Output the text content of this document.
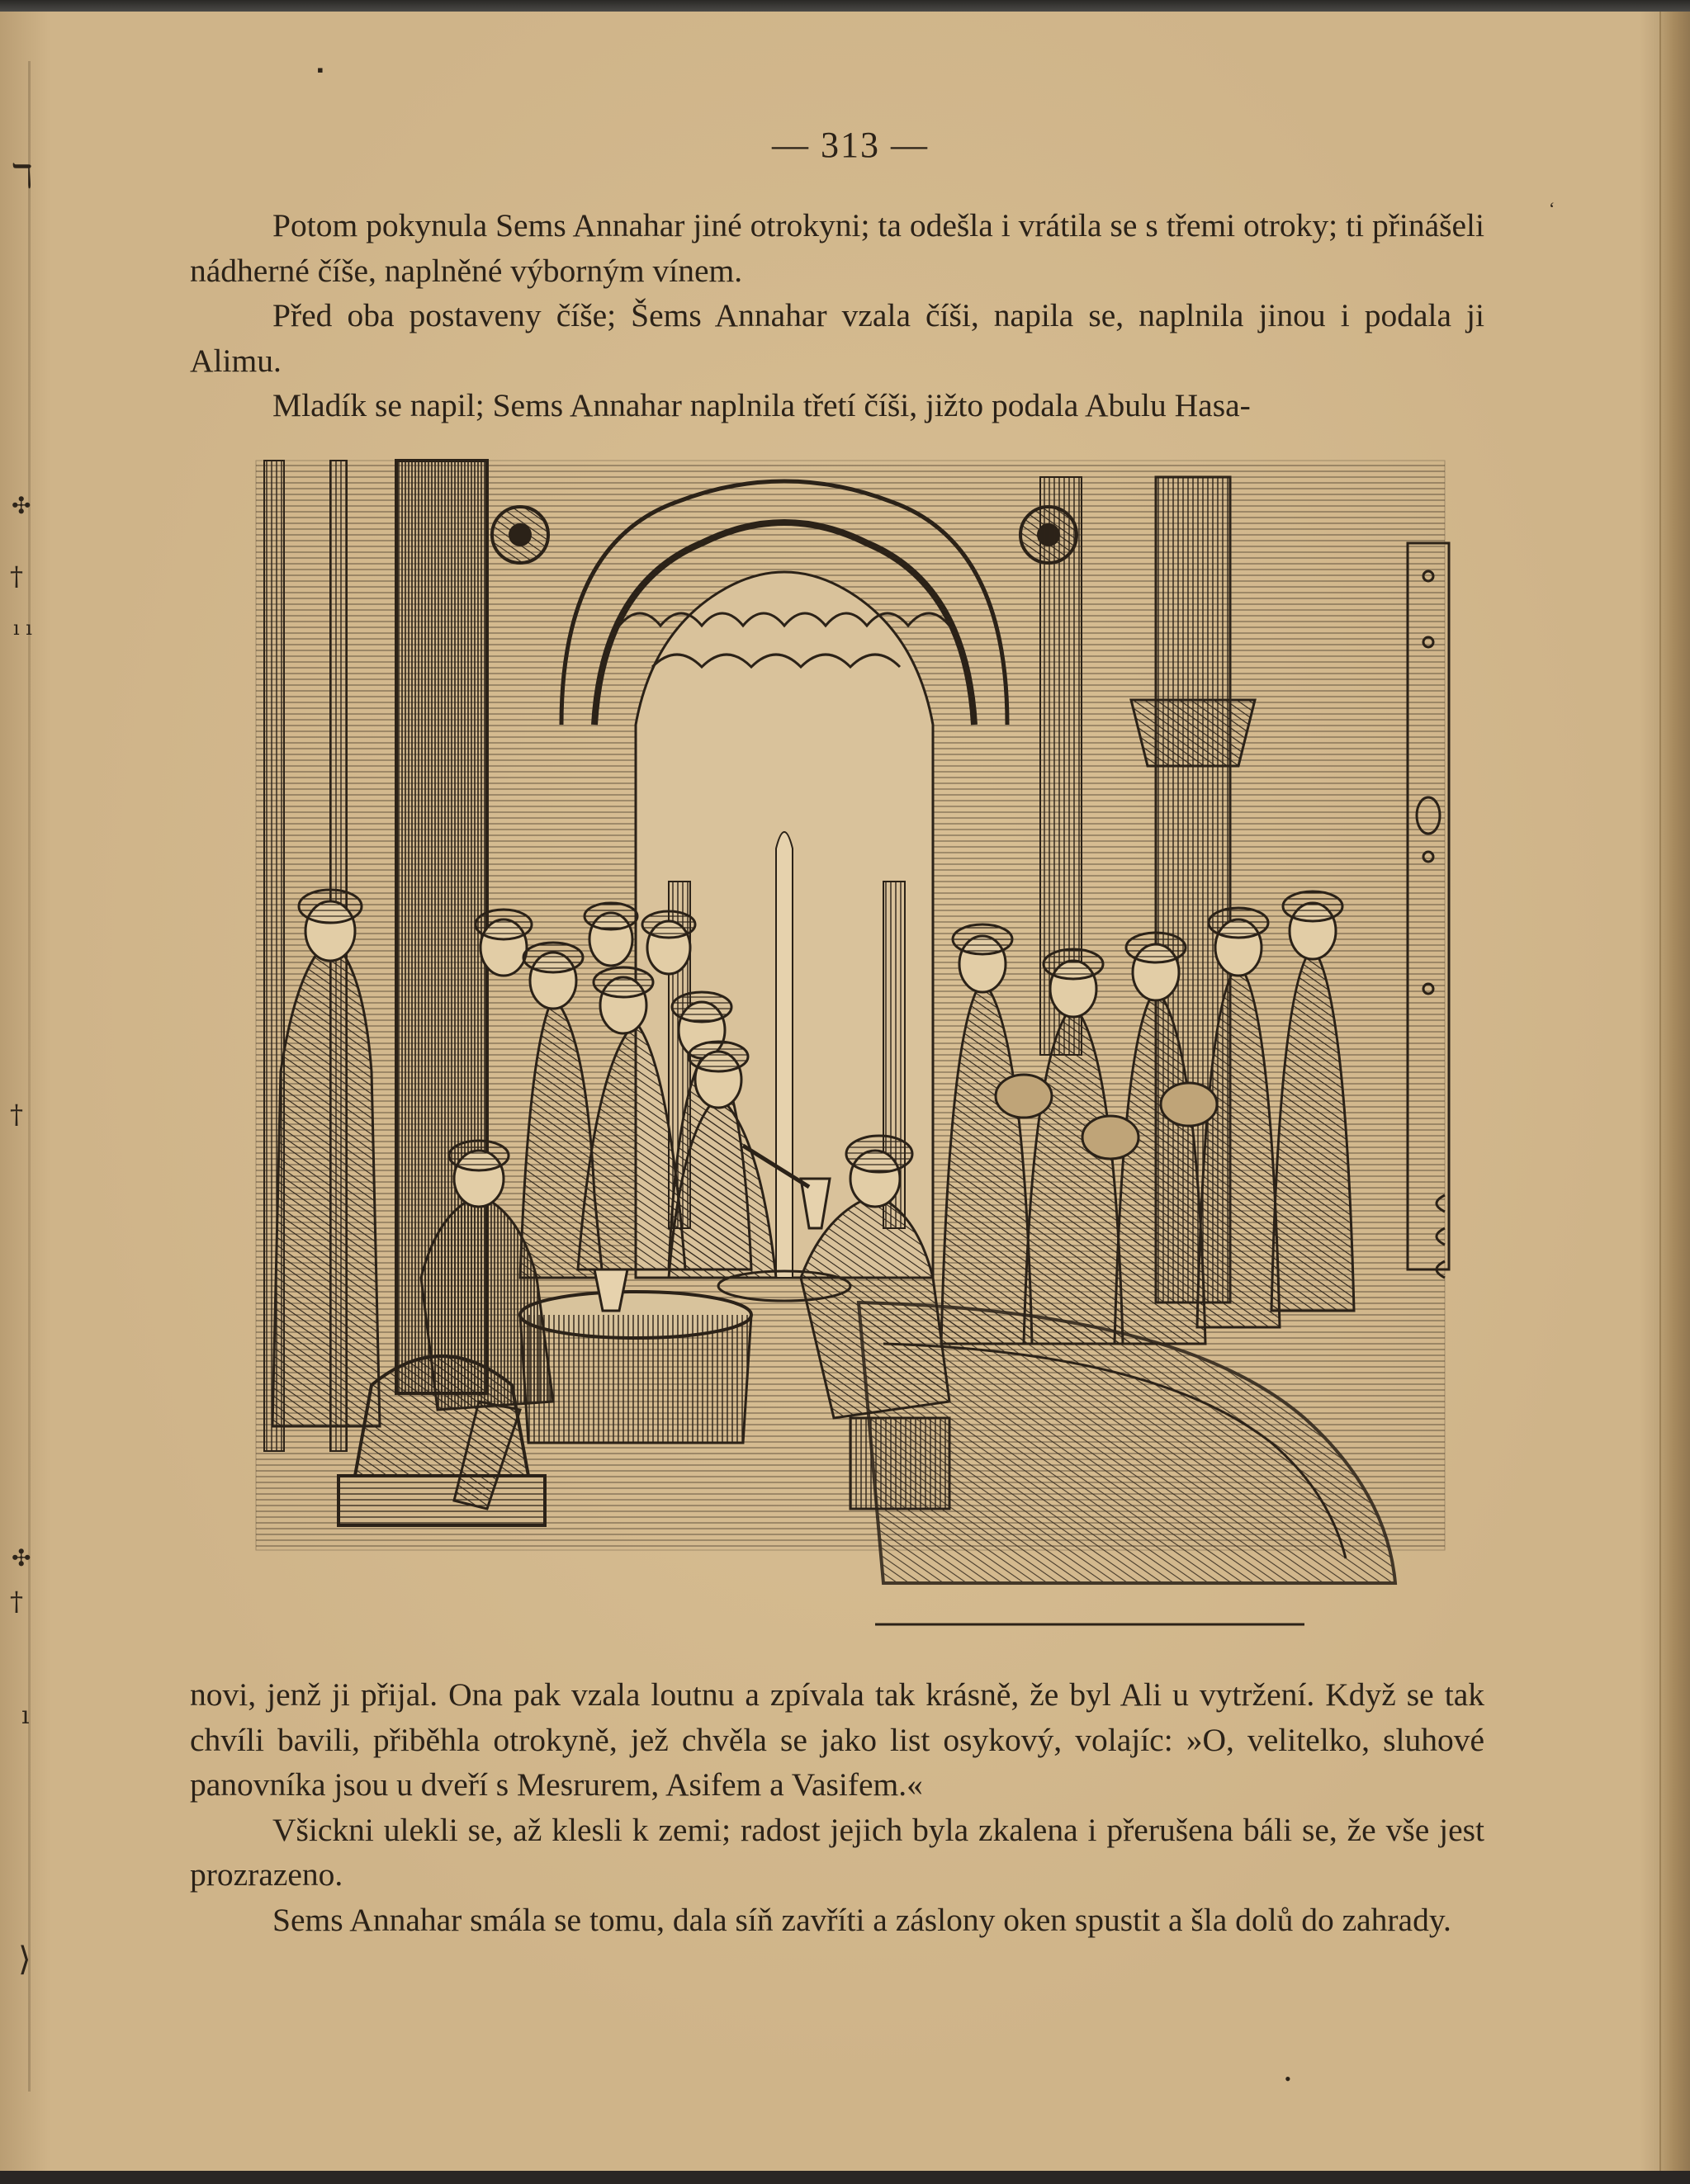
ℸ
✣
†
ı ı
†
✣
†
ı
⟩
▪
ʻ
•
— 313 —

Potom pokynula Sems Annahar jiné otrokyni; ta odešla i vrátila se s třemi otroky; ti přinášeli nádherné číše, naplněné výborným vínem.

Před oba postaveny číše; Šems Annahar vzala číši, napila se, naplnila jinou i podala ji Alimu.

Mladík se napil; Sems Annahar naplnila třetí číši, jižto podala Abulu Hasa-

novi, jenž ji přijal. Ona pak vzala loutnu a zpívala tak krásně, že byl Ali u vytržení. Když se tak chvíli bavili, přiběhla otrokyně, jež chvěla se jako list osykový, volajíc: »O, velitelko, sluhové panovníka jsou u dveří s Mesrurem, Asifem a Vasifem.«

Všickni ulekli se, až klesli k zemi; radost jejich byla zkalena i přerušena báli se, že vše jest prozrazeno.

Sems Annahar smála se tomu, dala síň zavříti a záslony oken spustit a šla dolů do zahrady.
